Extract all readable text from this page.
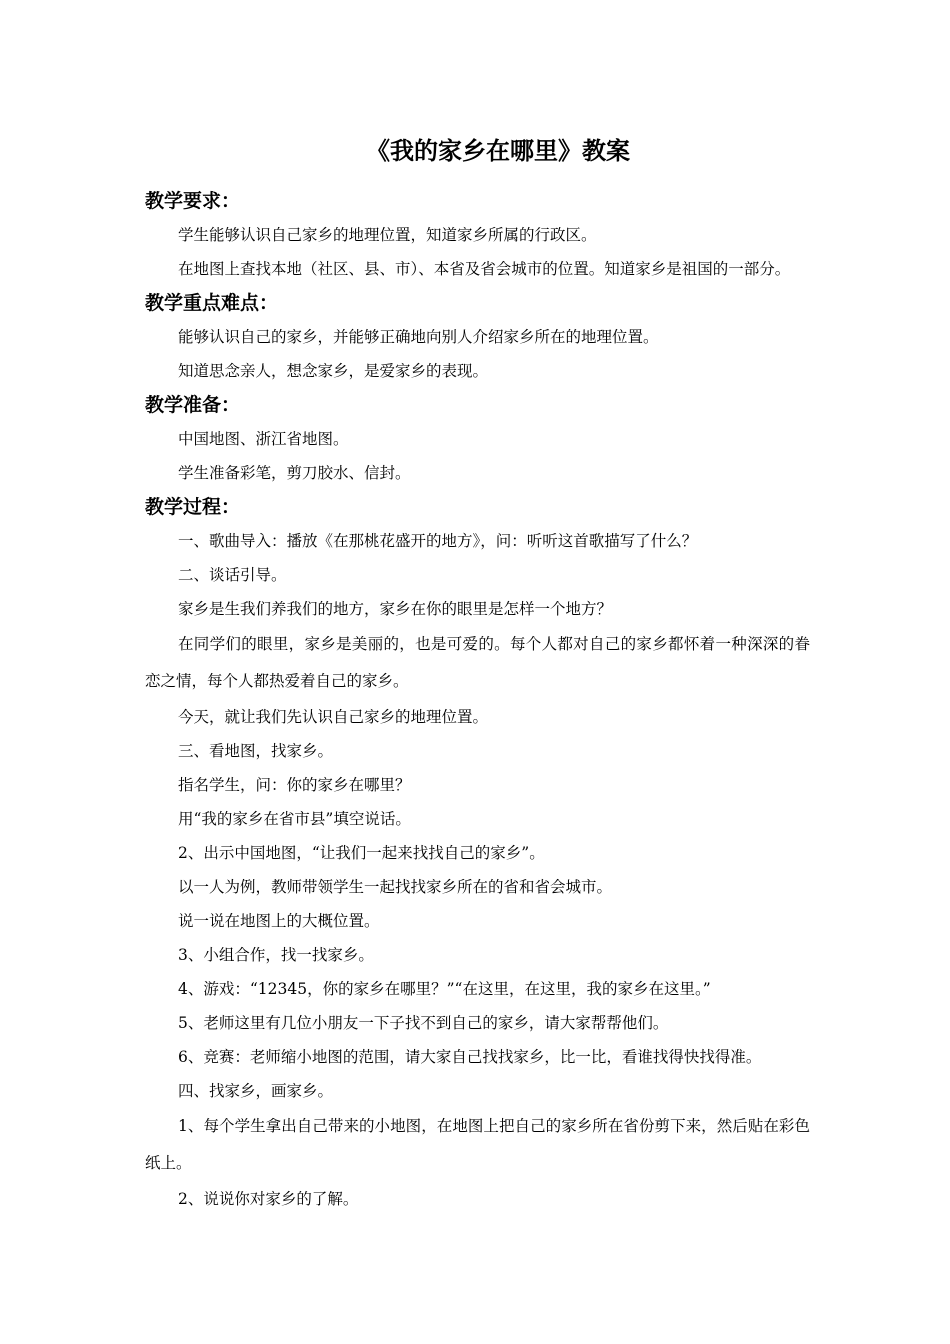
《我的家乡在哪里》教案
教学要求：

学生能够认识自己家乡的地理位置，知道家乡所属的行政区。

在地图上查找本地（社区、县、市）、本省及省会城市的位置。知道家乡是祖国的一部分。

教学重点难点：

能够认识自己的家乡，并能够正确地向别人介绍家乡所在的地理位置。

知道思念亲人，想念家乡，是爱家乡的表现。

教学准备：

中国地图、浙江省地图。

学生准备彩笔，剪刀胶水、信封。

教学过程：

一、歌曲导入：播放《在那桃花盛开的地方》，问：听听这首歌描写了什么？

二、谈话引导。

家乡是生我们养我们的地方，家乡在你的眼里是怎样一个地方？

在同学们的眼里，家乡是美丽的，也是可爱的。每个人都对自己的家乡都怀着一种深深的眷恋之情，每个人都热爱着自己的家乡。

今天，就让我们先认识自己家乡的地理位置。

三、看地图，找家乡。

指名学生，问：你的家乡在哪里？

用“我的家乡在省市县”填空说话。

2、出示中国地图，“让我们一起来找找自己的家乡”。

以一人为例，教师带领学生一起找找家乡所在的省和省会城市。

说一说在地图上的大概位置。

3、小组合作，找一找家乡。

4、游戏：“12345，你的家乡在哪里？”“在这里，在这里，我的家乡在这里。”

5、老师这里有几位小朋友一下子找不到自己的家乡，请大家帮帮他们。

6、竞赛：老师缩小地图的范围，请大家自己找找家乡，比一比，看谁找得快找得准。

四、找家乡，画家乡。

1、每个学生拿出自己带来的小地图，在地图上把自己的家乡所在省份剪下来，然后贴在彩色纸上。

2、说说你对家乡的了解。
